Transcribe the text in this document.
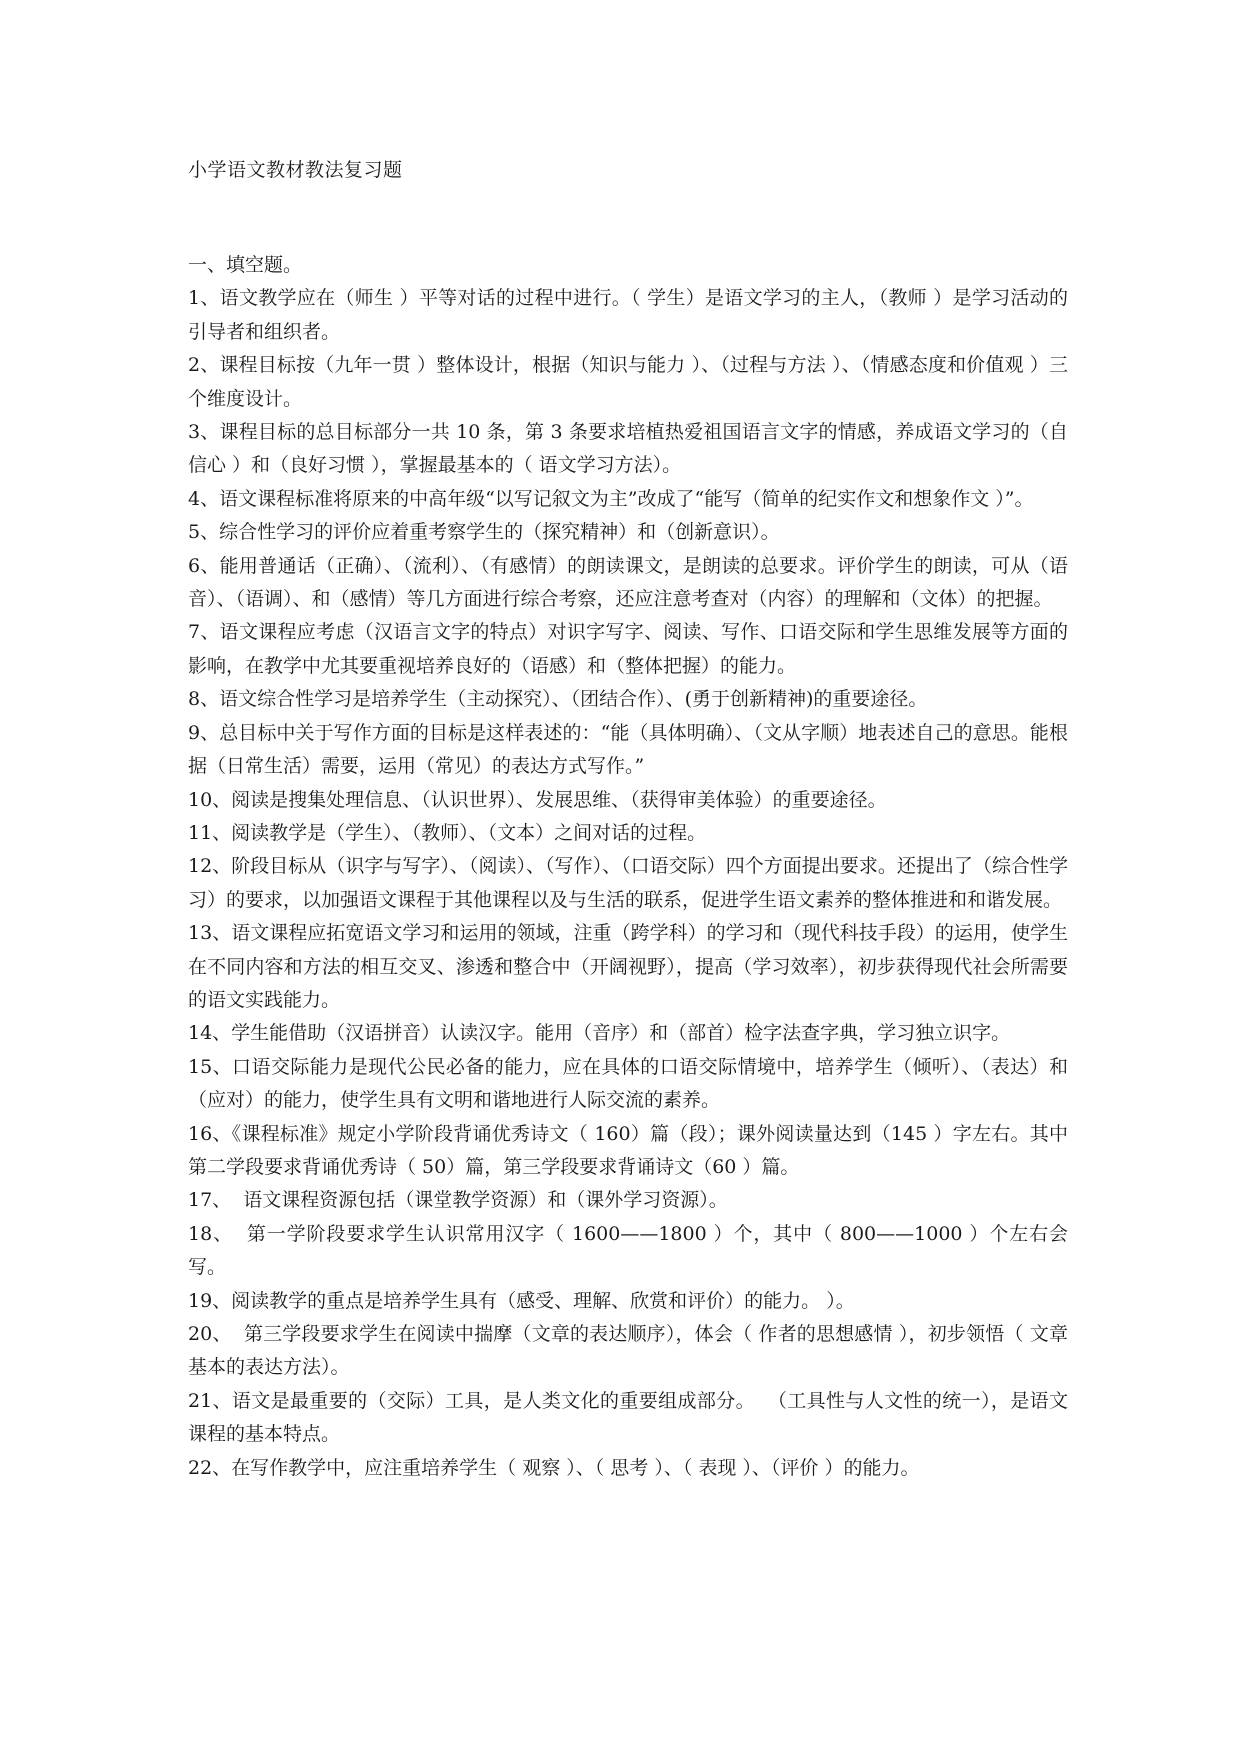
小学语文教材教法复习题
一、填空题。
1、语文教学应在（师生 ）平等对话的过程中进行。（ 学生）是语文学习的主人，（教师 ）是学习活动的引导者和组织者。
2、课程目标按（九年一贯 ）整体设计，根据（知识与能力 ）、（过程与方法 ）、（情感态度和价值观 ）三个维度设计。
3、课程目标的总目标部分一共 10 条，第 3 条要求培植热爱祖国语言文字的情感，养成语文学习的（自信心 ）和（良好习惯 ），掌握最基本的（ 语文学习方法）。
4、语文课程标准将原来的中高年级“以写记叙文为主”改成了“能写（简单的纪实作文和想象作文 ）”。
5、综合性学习的评价应着重考察学生的（探究精神）和（创新意识）。
6、能用普通话（正确）、（流利）、（有感情）的朗读课文，是朗读的总要求。评价学生的朗读，可从（语音）、（语调）、和（感情）等几方面进行综合考察，还应注意考查对（内容）的理解和（文体）的把握。
7、语文课程应考虑（汉语言文字的特点）对识字写字、阅读、写作、口语交际和学生思维发展等方面的影响，在教学中尤其要重视培养良好的（语感）和（整体把握）的能力。
8、语文综合性学习是培养学生（主动探究）、（团结合作）、(勇于创新精神)的重要途径。
9、总目标中关于写作方面的目标是这样表述的：“能（具体明确）、（文从字顺）地表述自己的意思。能根据（日常生活）需要，运用（常见）的表达方式写作。”
10、阅读是搜集处理信息、（认识世界）、发展思维、（获得审美体验）的重要途径。
11、阅读教学是（学生）、（教师）、（文本）之间对话的过程。
12、阶段目标从（识字与写字）、（阅读）、（写作）、（口语交际）四个方面提出要求。还提出了（综合性学习）的要求，以加强语文课程于其他课程以及与生活的联系，促进学生语文素养的整体推进和和谐发展。
13、语文课程应拓宽语文学习和运用的领域，注重（跨学科）的学习和（现代科技手段）的运用，使学生在不同内容和方法的相互交叉、渗透和整合中（开阔视野），提高（学习效率），初步获得现代社会所需要的语文实践能力。
14、学生能借助（汉语拼音）认读汉字。能用（音序）和（部首）检字法查字典，学习独立识字。
15、口语交际能力是现代公民必备的能力，应在具体的口语交际情境中，培养学生（倾听）、（表达）和（应对）的能力，使学生具有文明和谐地进行人际交流的素养。
16、《课程标准》规定小学阶段背诵优秀诗文（ 160）篇（段）；课外阅读量达到（145 ）字左右。其中第二学段要求背诵优秀诗（ 50）篇，第三学段要求背诵诗文（60 ）篇。
17、  语文课程资源包括（课堂教学资源）和（课外学习资源）。
18、  第一学阶段要求学生认识常用汉字（ 1600——1800 ）个，其中（ 800——1000 ）个左右会写。
19、阅读教学的重点是培养学生具有（感受、理解、欣赏和评价）的能力。 ）。
20、  第三学段要求学生在阅读中揣摩（文章的表达顺序），体会（ 作者的思想感情 ），初步领悟（ 文章基本的表达方法）。
21、语文是最重要的（交际）工具，是人类文化的重要组成部分。  （工具性与人文性的统一），是语文课程的基本特点。
22、在写作教学中，应注重培养学生（ 观察 ）、（ 思考 ）、（ 表现 ）、（评价 ）的能力。
